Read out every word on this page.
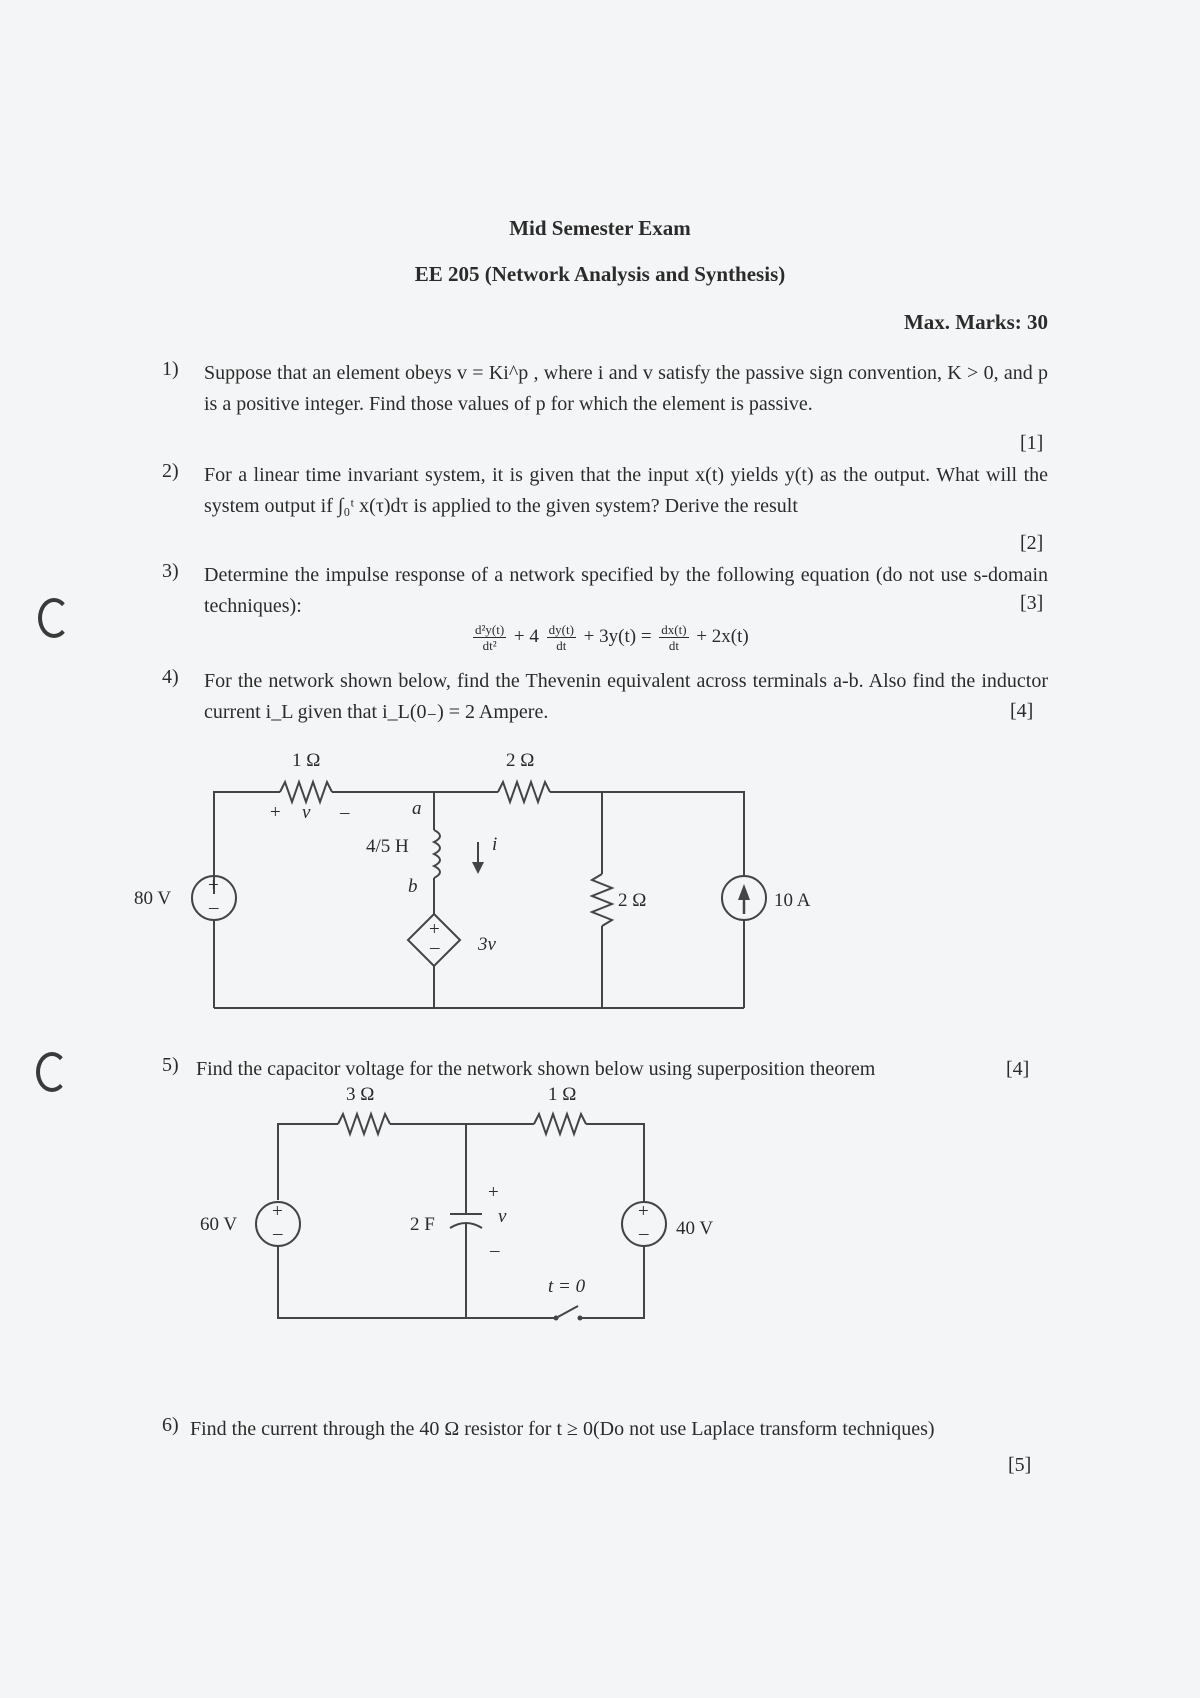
Mid Semester Exam
EE 205 (Network Analysis and Synthesis)
Max. Marks: 30
1) Suppose that an element obeys v = Ki^p , where i and v satisfy the passive sign convention, K > 0, and p is a positive integer. Find those values of p for which the element is passive.
[1]
2) For a linear time invariant system, it is given that the input x(t) yields y(t) as the output. What will the system output if ∫₀ᵗ x(τ)dτ is applied to the given system? Derive the result
[2]
3) Determine the impulse response of a network specified by the following equation (do not use s-domain techniques):	[3]
$\frac{\text{d²y(t)}}{\text{dt²}} + 4 \frac{dy(t)}{dt} + 3y(t) = \frac{dx(t)}{dt} + 2x(t)$
4) For the network shown below, find the Thevenin equivalent across terminals a-b. Also find the inductor current i_L given that i_L(0₋) = 2 Ampere.	[4]
5) Find the capacitor voltage for the network shown below using superposition theorem	[4]
6) Find the current through the 40 Ω resistor for t ≥ 0(Do not use Laplace transform techniques)
[5]
+
–
+
–
1 Ω	2 Ω
+ v –	a
4/5 H	i
b
80 V
3v
2 Ω	10 A
+
–
+
–
3 Ω	1 Ω
60 V	2 F
+
v
–
40 V
t = 0
